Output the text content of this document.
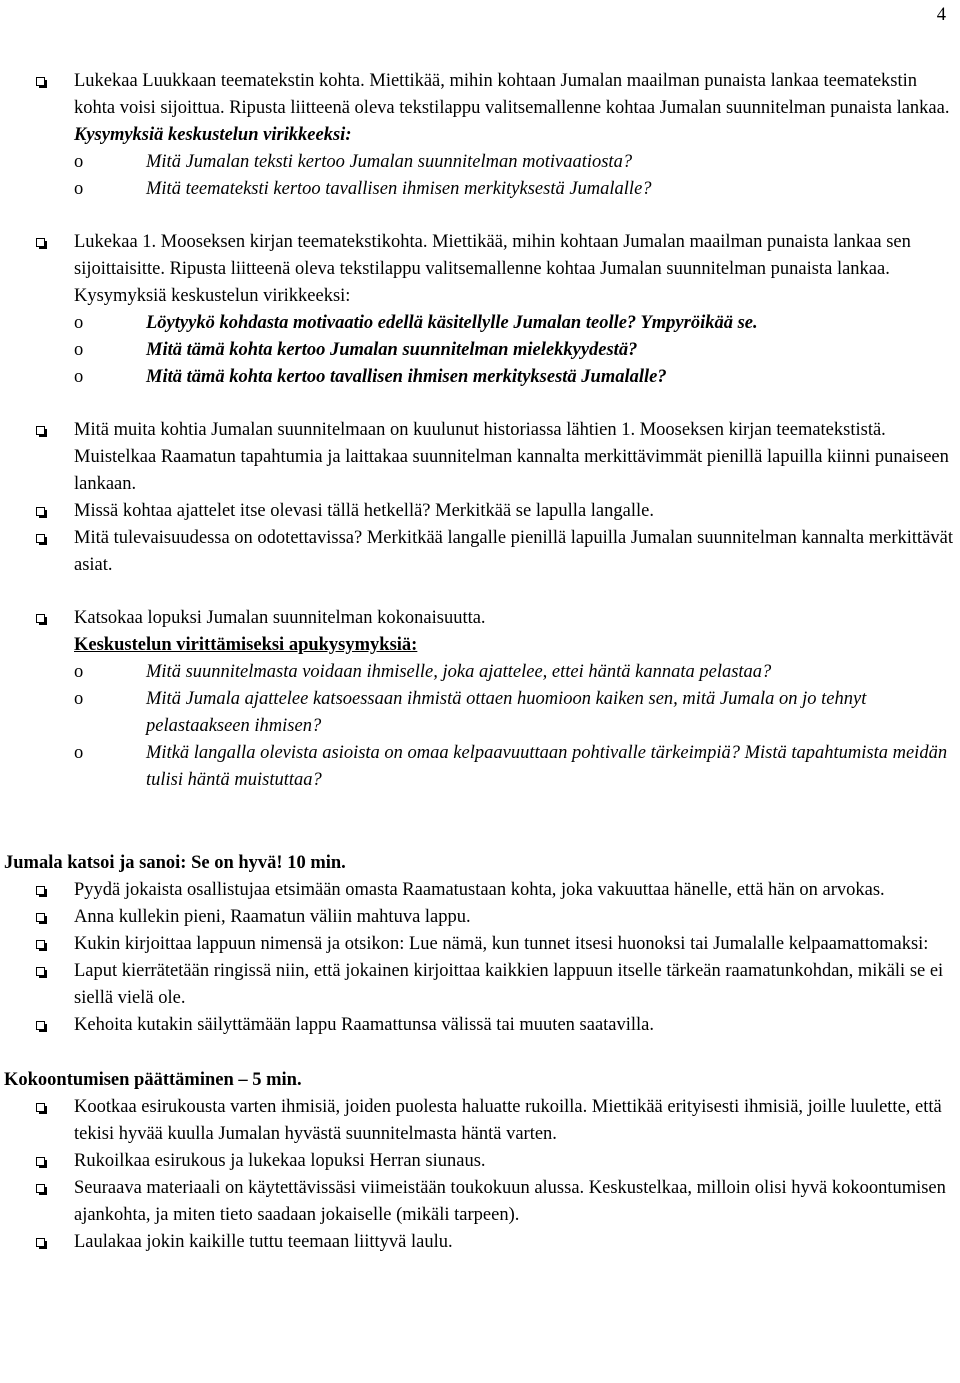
4
Lukekaa Luukkaan teematekstin kohta. Miettikää, mihin kohtaan Jumalan maailman punaista lankaa teematekstin kohta voisi sijoittua. Ripusta liitteenä oleva tekstilappu valitsemallenne kohtaa Jumalan suunnitelman punaista lankaa.
Kysymyksiä keskustelun virikkeeksi:
o	Mitä Jumalan teksti kertoo Jumalan suunnitelman motivaatiosta?
o	Mitä teemateksti kertoo tavallisen ihmisen merkityksestä Jumalalle?
Lukekaa 1. Mooseksen kirjan teematekstikohta. Miettikää, mihin kohtaan Jumalan maailman punaista lankaa sen sijoittaisitte. Ripusta liitteenä oleva tekstilappu valitsemallenne kohtaa Jumalan suunnitelman punaista lankaa.
Kysymyksiä keskustelun virikkeeksi:
o	Löytyykö kohdasta motivaatio edellä käsitellylle Jumalan teolle? Ympyröikää se.
o	Mitä tämä kohta kertoo Jumalan suunnitelman mielekkyydestä?
o	Mitä tämä kohta kertoo tavallisen ihmisen merkityksestä Jumalalle?
Mitä muita kohtia Jumalan suunnitelmaan on kuulunut historiassa lähtien 1. Mooseksen kirjan teematekstistä. Muistelkaa Raamatun tapahtumia ja laittakaa suunnitelman kannalta merkittävimmät pienillä lapuilla kiinni punaiseen lankaan.
Missä kohtaa ajattelet itse olevasi tällä hetkellä? Merkitkää se lapulla langalle.
Mitä tulevaisuudessa on odotettavissa? Merkitkää langalle pienillä lapuilla Jumalan suunnitelman kannalta merkittävät asiat.
Katsokaa lopuksi Jumalan suunnitelman kokonaisuutta.
Keskustelun virittämiseksi apukysymyksiä:
o	Mitä suunnitelmasta voidaan ihmiselle, joka ajattelee, ettei häntä kannata pelastaa?
o	Mitä Jumala ajattelee katsoessaan ihmistä ottaen huomioon kaiken sen, mitä Jumala on jo tehnyt pelastaakseen ihmisen?
o	Mitkä langalla olevista asioista on omaa kelpaavuuttaan pohtivalle tärkeimpiä? Mistä tapahtumista meidän tulisi häntä muistuttaa?
Jumala katsoi ja sanoi: Se on hyvä! 10 min.
Pyydä jokaista osallistujaa etsimään omasta Raamatustaan kohta, joka vakuuttaa hänelle, että hän on arvokas.
Anna kullekin pieni, Raamatun väliin mahtuva lappu.
Kukin kirjoittaa lappuun nimensä ja otsikon: Lue nämä, kun tunnet itsesi huonoksi tai Jumalalle kelpaamattomaksi:
Laput kierrätetään ringissä niin, että jokainen kirjoittaa kaikkien lappuun itselle tärkeän raamatunkohdan, mikäli se ei siellä vielä ole.
Kehoita kutakin säilyttämään lappu Raamattunsa välissä tai muuten saatavilla.
Kokoontumisen päättäminen – 5 min.
Kootkaa esirukousta varten ihmisiä, joiden puolesta haluatte rukoilla. Miettikää erityisesti ihmisiä, joille luulette, että tekisi hyvää kuulla Jumalan hyvästä suunnitelmasta häntä varten.
Rukoilkaa esirukous ja lukekaa lopuksi Herran siunaus.
Seuraava materiaali on käytettävissäsi viimeistään toukokuun alussa. Keskustelkaa, milloin olisi hyvä kokoontumisen ajankohta, ja miten tieto saadaan jokaiselle (mikäli tarpeen).
Laulakaa jokin kaikille tuttu teemaan liittyvä laulu.
